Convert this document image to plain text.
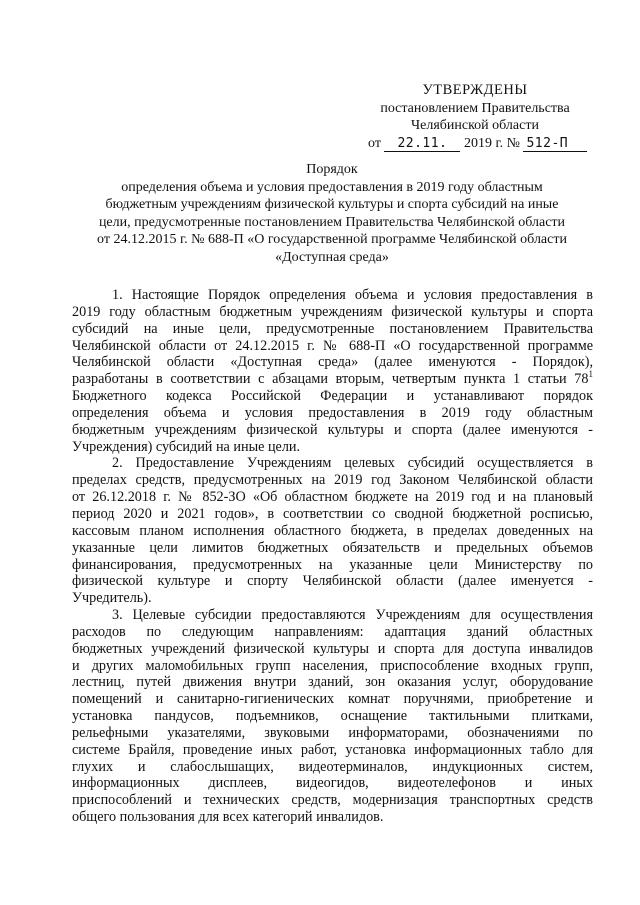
УТВЕРЖДЕНЫ
постановлением Правительства
Челябинской области
от 22.11. 2019 г. № 512-П
Порядок
определения объема и условия предоставления в 2019 году областным
бюджетным учреждениям физической культуры и спорта субсидий на иные
цели, предусмотренные постановлением Правительства Челябинской области
от 24.12.2015 г. № 688-П «О государственной программе Челябинской области
«Доступная среда»
1. Настоящие Порядок определения объема и условия предоставления в
2019 году областным бюджетным учреждениям физической культуры и спорта
субсидий на иные цели, предусмотренные постановлением Правительства
Челябинской области от 24.12.2015 г. № 688-П «О государственной программе
Челябинской области «Доступная среда» (далее именуются - Порядок),
разработаны в соответствии с абзацами вторым, четвертым пункта 1 статьи $78^1$
Бюджетного кодекса Российской Федерации и устанавливают порядок
определения объема и условия предоставления в 2019 году областным
бюджетным учреждениям физической культуры и спорта (далее именуются -
Учреждения) субсидий на иные цели.
2. Предоставление Учреждениям целевых субсидий осуществляется в
пределах средств, предусмотренных на 2019 год Законом Челябинской области
от 26.12.2018 г. № 852-ЗО «Об областном бюджете на 2019 год и на плановый
период 2020 и 2021 годов», в соответствии со сводной бюджетной росписью,
кассовым планом исполнения областного бюджета, в пределах доведенных на
указанные цели лимитов бюджетных обязательств и предельных объемов
финансирования, предусмотренных на указанные цели Министерству по
физической культуре и спорту Челябинской области (далее именуется -
Учредитель).
3. Целевые субсидии предоставляются Учреждениям для осуществления
расходов по следующим направлениям: адаптация зданий областных
бюджетных учреждений физической культуры и спорта для доступа инвалидов
и других маломобильных групп населения, приспособление входных групп,
лестниц, путей движения внутри зданий, зон оказания услуг, оборудование
помещений и санитарно-гигиенических комнат поручнями, приобретение и
установка пандусов, подъемников, оснащение тактильными плитками,
рельефными указателями, звуковыми информаторами, обозначениями по
системе Брайля, проведение иных работ, установка информационных табло для
глухих и слабослышащих, видеотерминалов, индукционных систем,
информационных дисплеев, видеогидов, видеотелефонов и иных
приспособлений и технических средств, модернизация транспортных средств
общего пользования для всех категорий инвалидов.
